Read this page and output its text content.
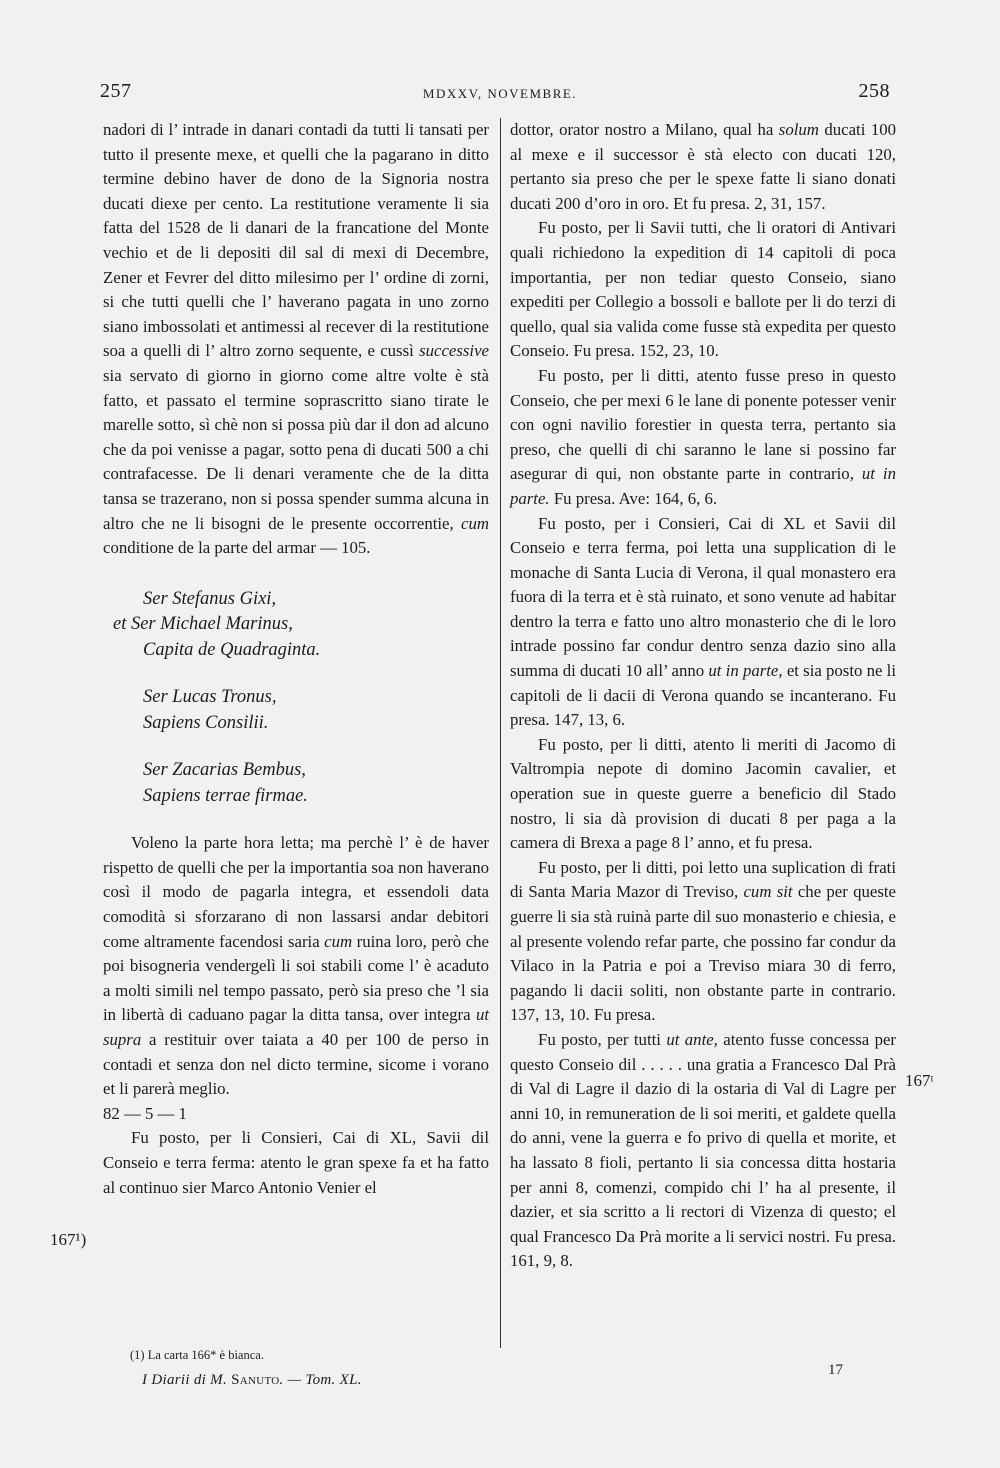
257	MDXXV, NOVEMBRE.	258

nadori di l’ intrade in danari contadi da tutti li tansati per tutto il presente mexe, et quelli che la pagarano in ditto termine debino haver de dono de la Signoria nostra ducati diexe per cento. La restitutione veramente li sia fatta del 1528 de li danari de la francatione del Monte vechio et de li depositi dil sal di mexi di Decembre, Zener et Fevrer del ditto milesimo per l’ ordine di zorni, si che tutti quelli che l’ haverano pagata in uno zorno siano imbossolati et antimessi al recever di la restitutione soa a quelli di l’ altro zorno sequente, e cussì successive sia servato di giorno in giorno come altre volte è stà fatto, et passato el termine soprascritto siano tirate le marelle sotto, sì chè non si possa più dar il don ad alcuno che da poi venisse a pagar, sotto pena di ducati 500 a chi contrafacesse. De li denari veramente che de la ditta tansa se trazerano, non si possa spender summa alcuna in altro che ne li bisogni de le presente occorrentie, cum conditione de la parte del armar — 105.

Ser Stefanus Gixi,
et Ser Michael Marinus,
Capita de Quadraginta.

Ser Lucas Tronus,
Sapiens Consilii.

Ser Zacarias Bembus,
Sapiens terrae firmae.

Voleno la parte hora letta; ma perchè l’ è de haver rispetto de quelli che per la importantia soa non haverano così il modo de pagarla integra, et essendoli data comodità si sforzarano di non lassarsi andar debitori come altramente facendosi saria cum ruina loro, però che poi bisogneria vendergelì li soi stabili come l’ è acaduto a molti simili nel tempo passato, però sia preso che ’l sia in libertà di caduano pagar la ditta tansa, over integra ut supra a restituir over taiata a 40 per 100 de perso in contadi et senza don nel dicto termine, sicome i vorano et li parerà meglio.

82 — 5 — 1

Fu posto, per li Consieri, Cai di XL, Savii dil Conseio e terra ferma: atento le gran spexe fa et ha fatto al continuo sier Marco Antonio Venier el

dottor, orator nostro a Milano, qual ha solum ducati 100 al mexe e il successor è stà electo con ducati 120, pertanto sia preso che per le spexe fatte li siano donati ducati 200 d’oro in oro. Et fu presa. 2, 31, 157.

Fu posto, per li Savii tutti, che li oratori di Antivari quali richiedono la expedition di 14 capitoli di poca importantia, per non tediar questo Conseio, siano expediti per Collegio a bossoli e ballote per li do terzi di quello, qual sia valida come fusse stà expedita per questo Conseio. Fu presa. 152, 23, 10.

Fu posto, per li ditti, atento fusse preso in questo Conseio, che per mexi 6 le lane di ponente potesser venir con ogni navilio forestier in questa terra, pertanto sia preso, che quelli di chi saranno le lane si possino far asegurar di qui, non obstante parte in contrario, ut in parte. Fu presa. Ave: 164, 6, 6.

Fu posto, per i Consieri, Cai di XL et Savii dil Conseio e terra ferma, poi letta una supplication di le monache di Santa Lucia di Verona, il qual monastero era fuora di la terra et è stà ruinato, et sono venute ad habitar dentro la terra e fatto uno altro monasterio che di le loro intrade possino far condur dentro senza dazio sino alla summa di ducati 10 all’ anno ut in parte, et sia posto ne li capitoli de li dacii di Verona quando se incanterano. Fu presa. 147, 13, 6.

Fu posto, per li ditti, atento li meriti di Jacomo di Valtrompia nepote di domino Jacomin cavalier, et operation sue in queste guerre a beneficio dil Stado nostro, li sia dà provision di ducati 8 per paga a la camera di Brexa a page 8 l’ anno, et fu presa.

Fu posto, per li ditti, poi letto una suplication di frati di Santa Maria Mazor di Treviso, cum sit che per queste guerre li sia stà ruinà parte dil suo monasterio e chiesia, e al presente volendo refar parte, che possino far condur da Vilaco in la Patria e poi a Treviso miara 30 di ferro, pagando li dacii soliti, non obstante parte in contrario. 137, 13, 10. Fu presa.

Fu posto, per tutti ut ante, atento fusse concessa per questo Conseio dil . . . . . una gratia a Francesco Dal Prà di Val di Lagre il dazio di la ostaria di Val di Lagre per anni 10, in remuneration de li soi meriti, et galdete quella do anni, vene la guerra e fo privo di quella et morite, et ha lassato 8 fioli, pertanto li sia concessa ditta hostaria per anni 8, comenzi, compido chi l’ ha al presente, il dazier, et sia scritto a li rectori di Vizenza di questo; el qual Francesco Da Prà morite a li servici nostri. Fu presa. 161, 9, 8.

167¹)
167ᵗ
(1) La carta 166* è bianca.
I Diarii di M. Sanuto. — Tom. XL.
17
